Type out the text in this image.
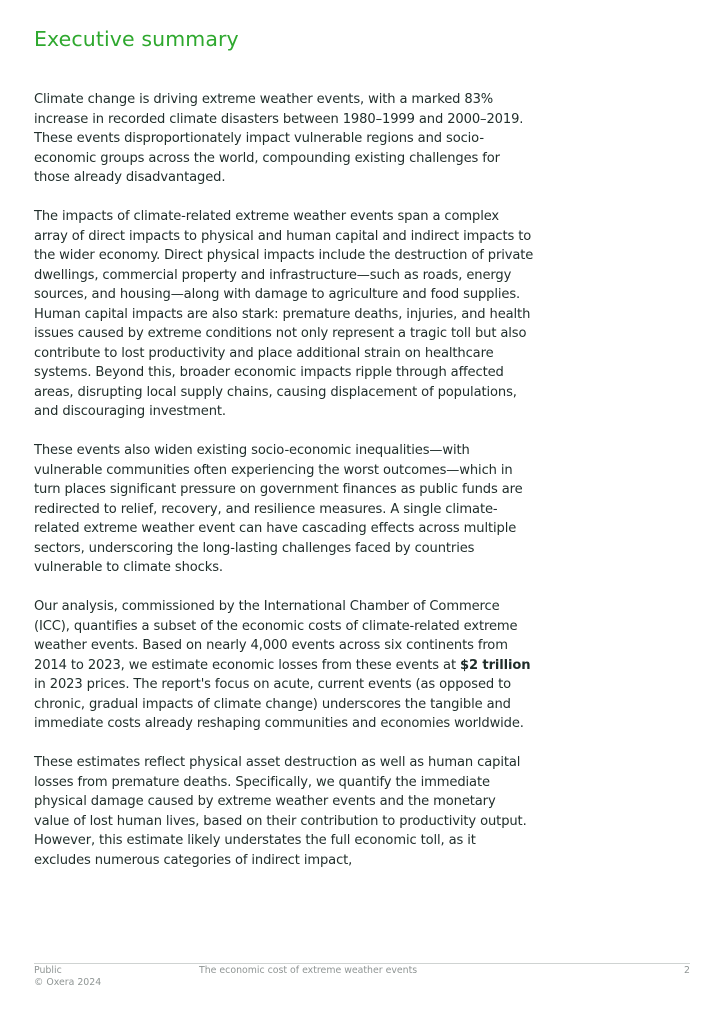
Executive summary

Climate change is driving extreme weather events, with a marked 83% increase in recorded climate disasters between 1980–1999 and 2000–2019. These events disproportionately impact vulnerable regions and socio-economic groups across the world, compounding existing challenges for those already disadvantaged.

The impacts of climate-related extreme weather events span a complex array of direct impacts to physical and human capital and indirect impacts to the wider economy. Direct physical impacts include the destruction of private dwellings, commercial property and infrastructure—such as roads, energy sources, and housing—along with damage to agriculture and food supplies. Human capital impacts are also stark: premature deaths, injuries, and health issues caused by extreme conditions not only represent a tragic toll but also contribute to lost productivity and place additional strain on healthcare systems. Beyond this, broader economic impacts ripple through affected areas, disrupting local supply chains, causing displacement of populations, and discouraging investment.

These events also widen existing socio-economic inequalities—with vulnerable communities often experiencing the worst outcomes—which in turn places significant pressure on government finances as public funds are redirected to relief, recovery, and resilience measures. A single climate-related extreme weather event can have cascading effects across multiple sectors, underscoring the long-lasting challenges faced by countries vulnerable to climate shocks.

Our analysis, commissioned by the International Chamber of Commerce (ICC), quantifies a subset of the economic costs of climate-related extreme weather events. Based on nearly 4,000 events across six continents from 2014 to 2023, we estimate economic losses from these events at $2 trillion in 2023 prices. The report's focus on acute, current events (as opposed to chronic, gradual impacts of climate change) underscores the tangible and immediate costs already reshaping communities and economies worldwide.

These estimates reflect physical asset destruction as well as human capital losses from premature deaths. Specifically, we quantify the immediate physical damage caused by extreme weather events and the monetary value of lost human lives, based on their contribution to productivity output. However, this estimate likely understates the full economic toll, as it excludes numerous categories of indirect impact,

Public
© Oxera 2024
The economic cost of extreme weather events	2
